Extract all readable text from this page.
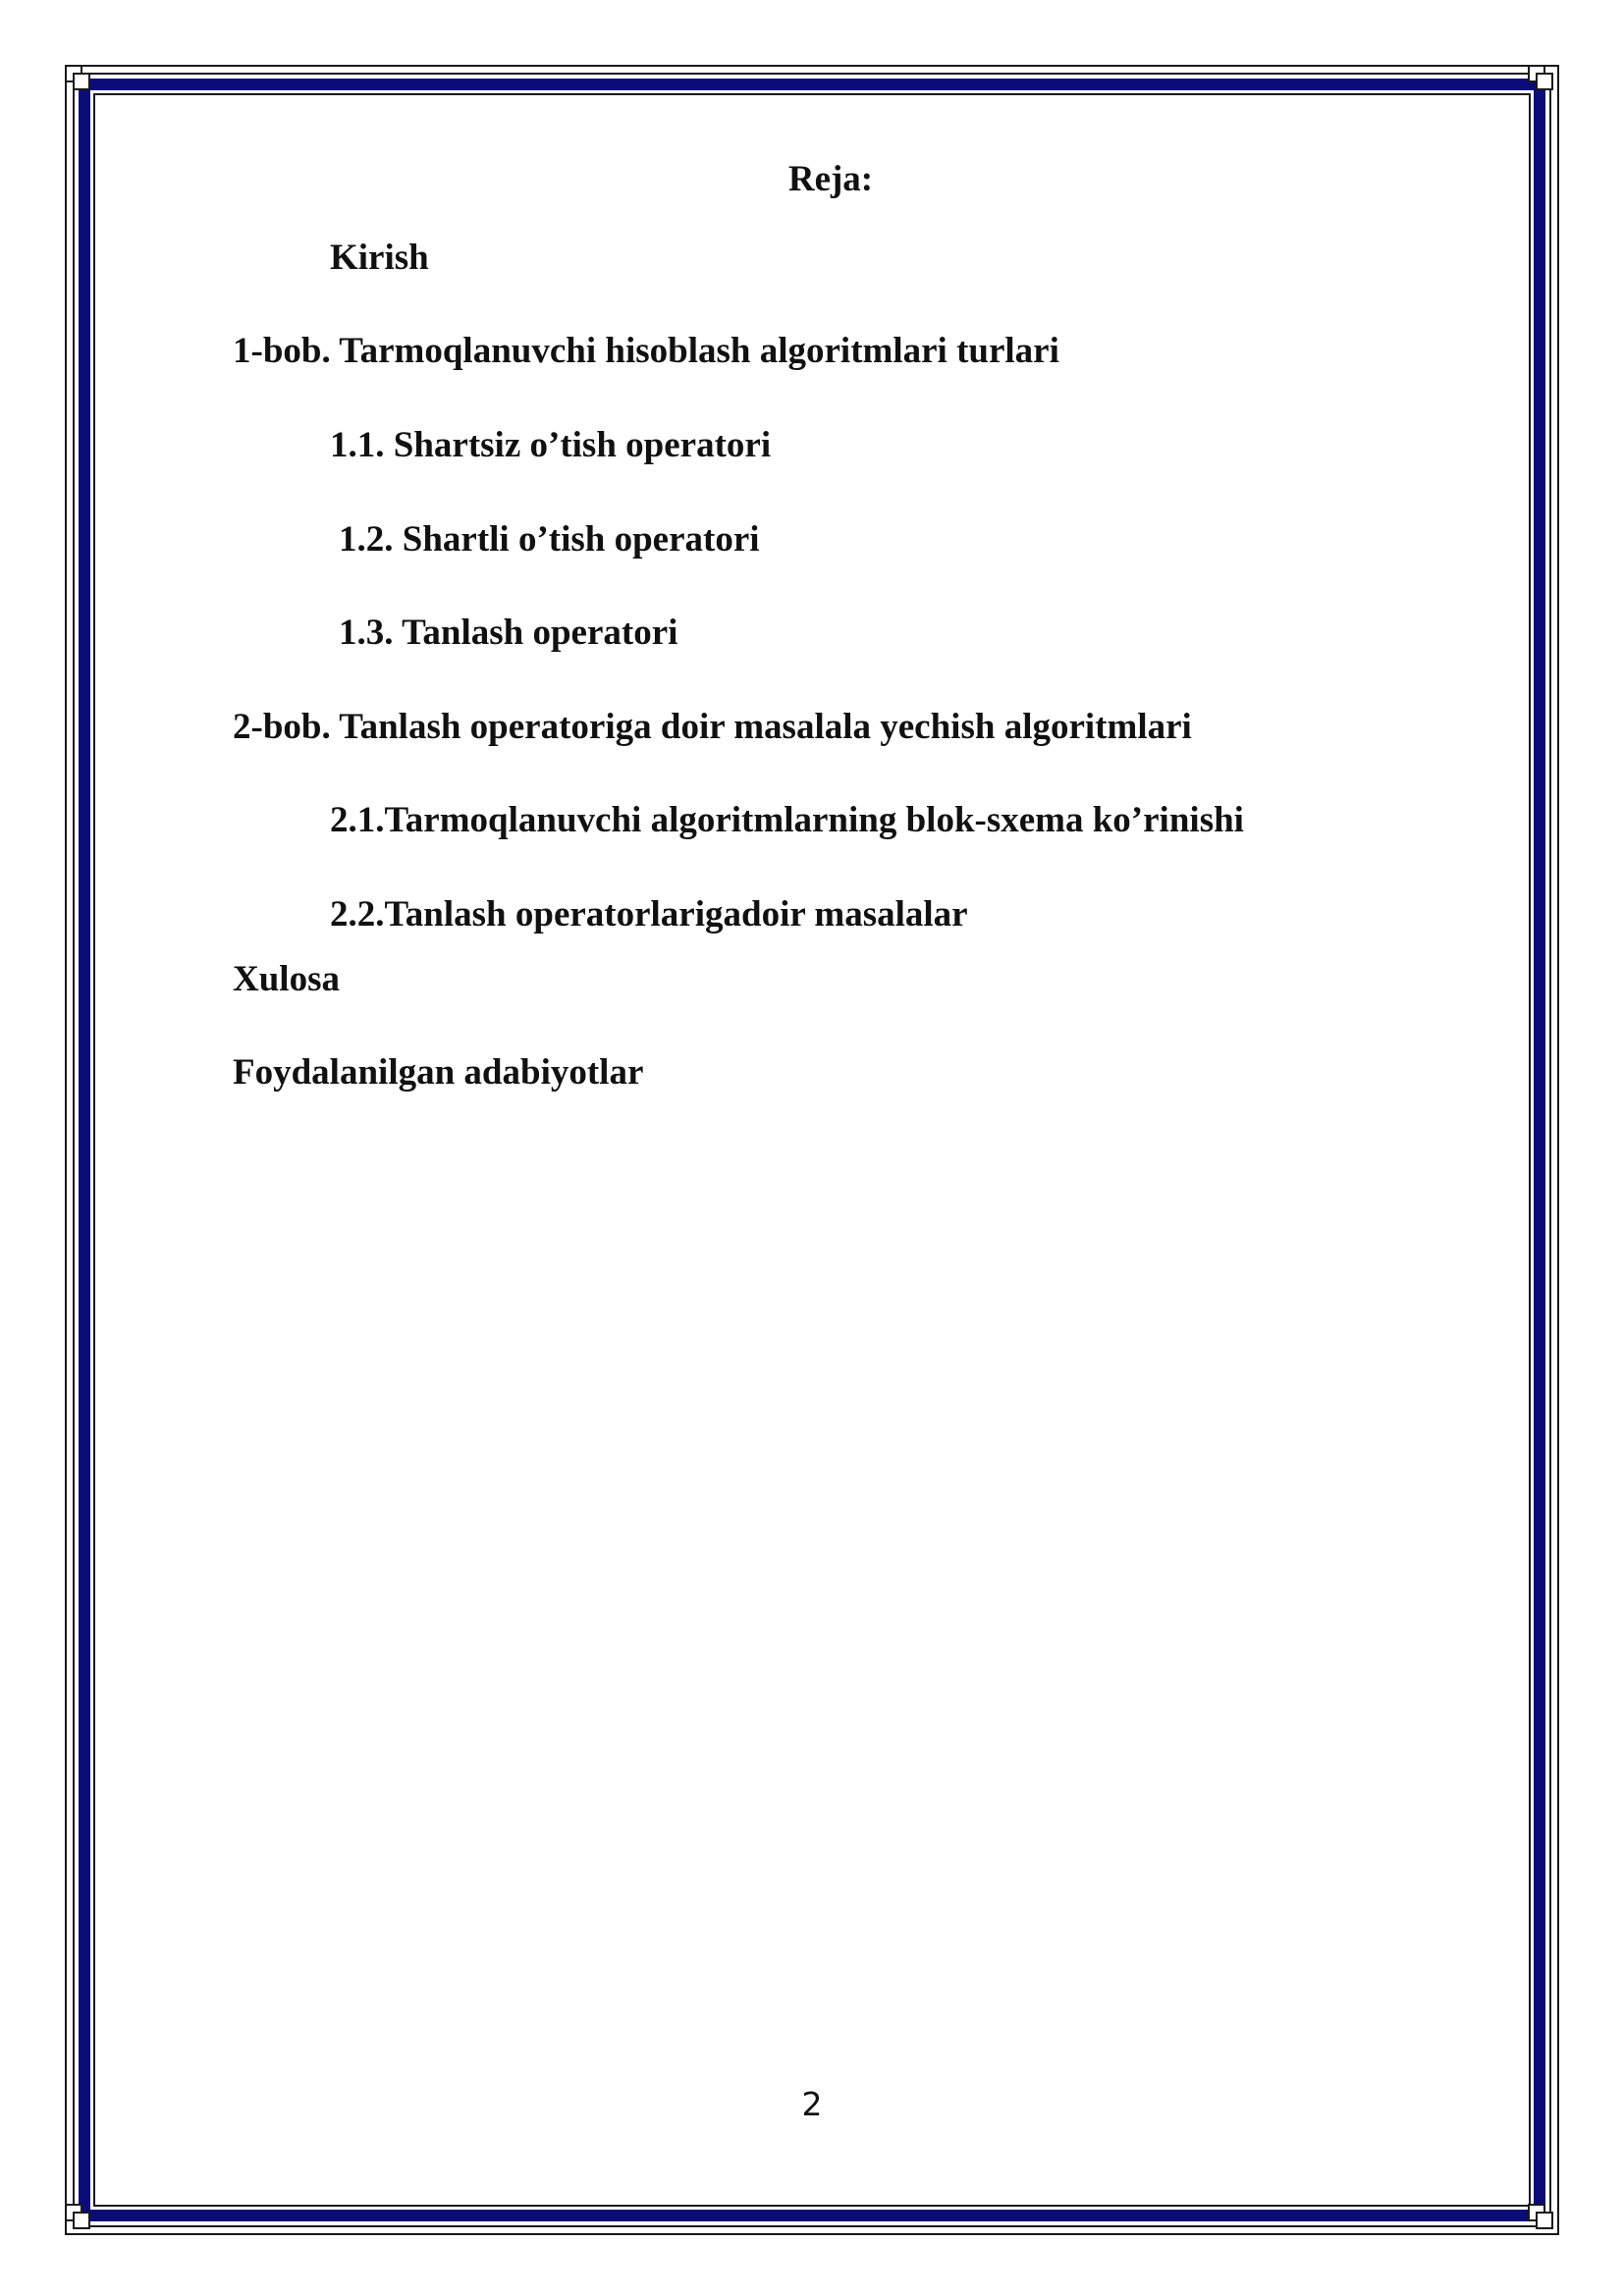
Reja:

Kirish

1-bob. Tarmoqlanuvchi hisoblash algoritmlari turlari

1.1. Shartsiz o’tish operatori

1.2. Shartli o’tish operatori

1.3. Tanlash operatori

2-bob. Tanlash operatoriga doir masalala yechish algoritmlari

2.1.Tarmoqlanuvchi algoritmlarning blok-sxema ko’rinishi

2.2.Tanlash operatorlarigadoir masalalar

Xulosa

Foydalanilgan adabiyotlar

2
